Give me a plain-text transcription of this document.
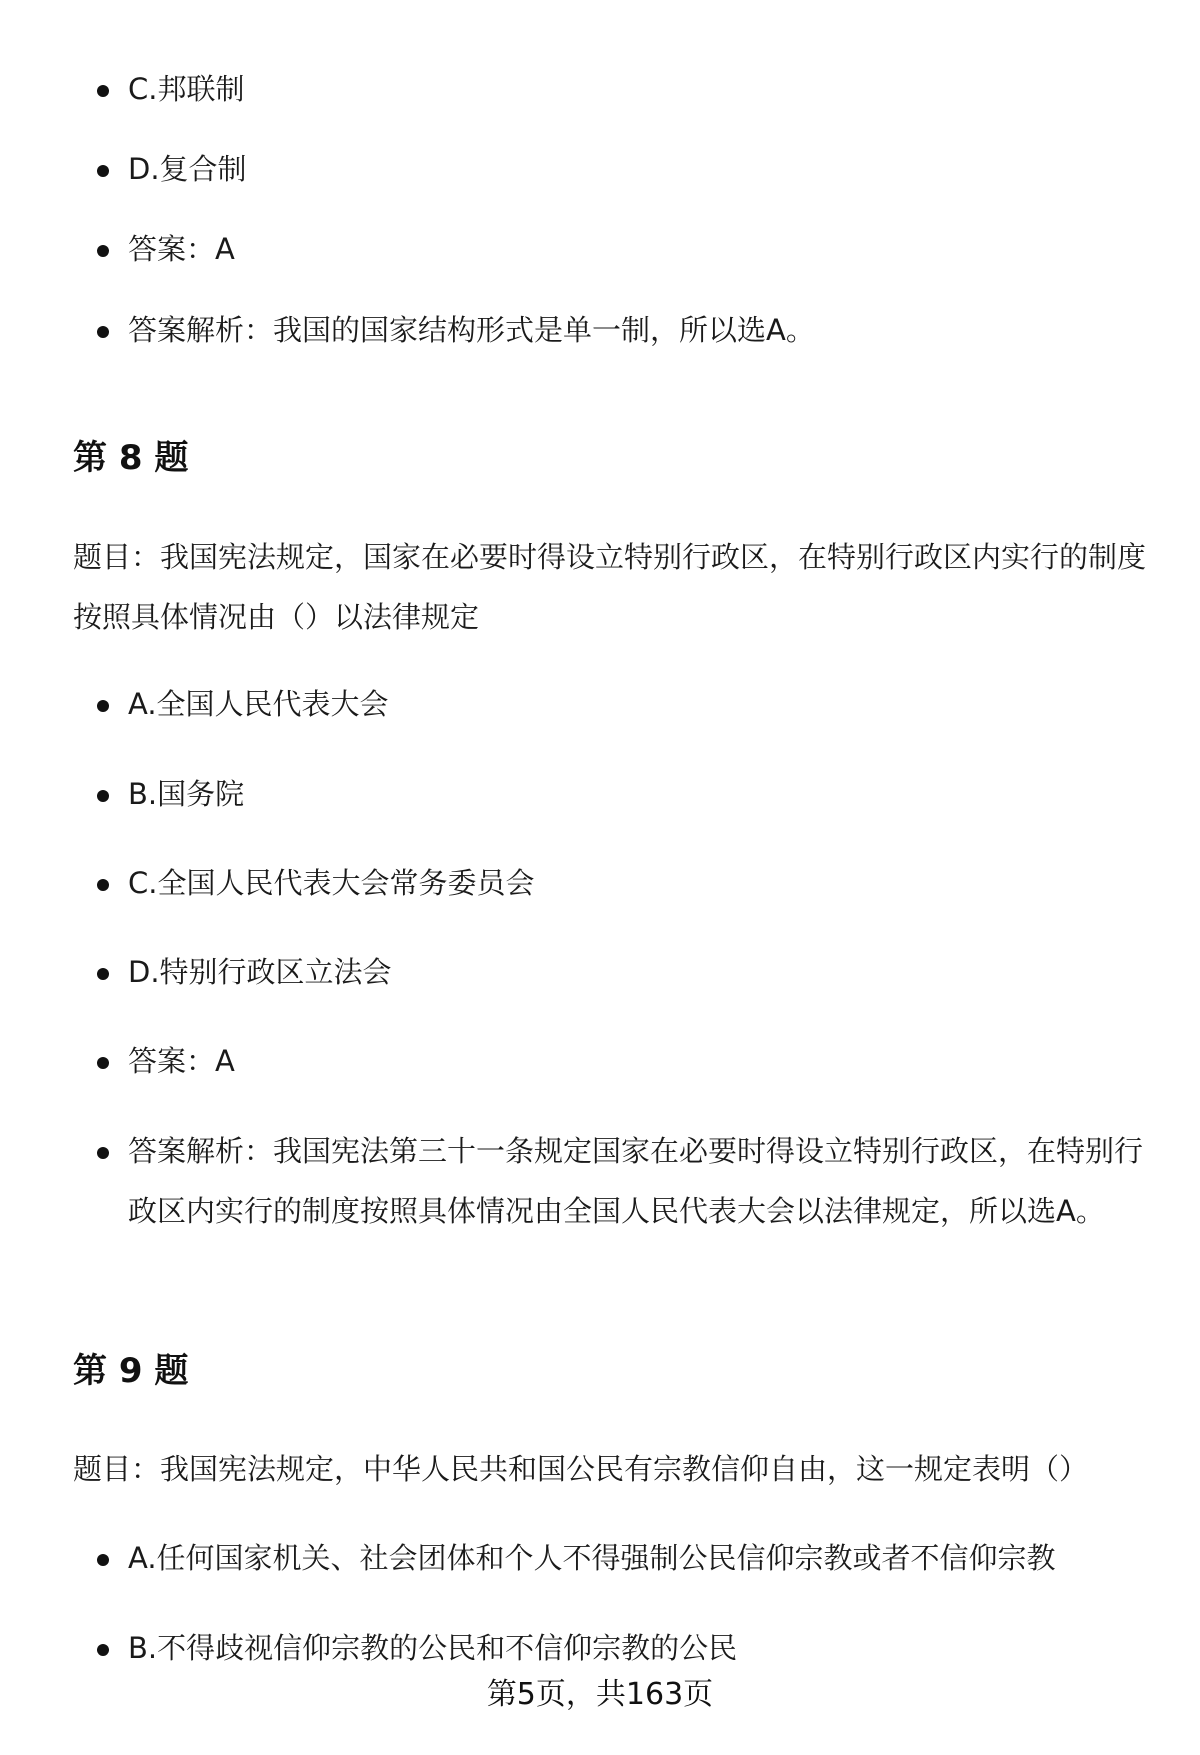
C.邦联制
D.复合制
答案：A
答案解析：我国的国家结构形式是单一制，所以选A。
第 8 题

题目：我国宪法规定，国家在必要时得设立特别行政区，在特别行政区内实行的制度按照具体情况由（）以法律规定

A.全国人民代表大会
B.国务院
C.全国人民代表大会常务委员会
D.特别行政区立法会
答案：A
答案解析：我国宪法第三十一条规定国家在必要时得设立特别行政区，在特别行政区内实行的制度按照具体情况由全国人民代表大会以法律规定，所以选A。
第 9 题

题目：我国宪法规定，中华人民共和国公民有宗教信仰自由，这一规定表明（）

A.任何国家机关、社会团体和个人不得强制公民信仰宗教或者不信仰宗教
B.不得歧视信仰宗教的公民和不信仰宗教的公民
第5页，共163页
